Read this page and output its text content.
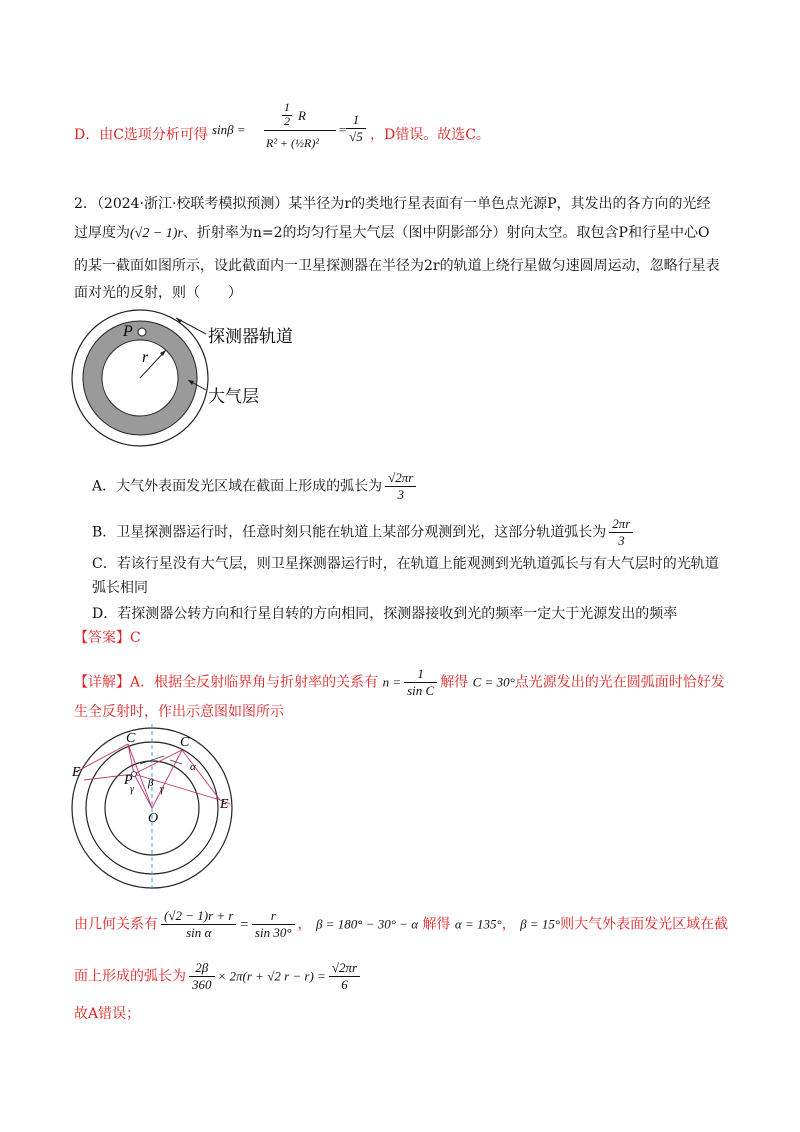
D．由C选项分析可得 sinβ =
1
2 R
R² + (½R)²
=
1
√5 ，D错误。故选C。
2．（2024·浙江·校联考模拟预测）某半径为r的类地行星表面有一单色点光源P，其发出的各方向的光经
过厚度为(√2 − 1)r、折射率为n=2的均匀行星大气层（图中阴影部分）射向太空。取包含P和行星中心O
的某一截面如图所示，设此截面内一卫星探测器在半径为2r的轨道上绕行星做匀速圆周运动，忽略行星表
面对光的反射，则（　　）
P
r
探测器轨道
大气层
A．大气外表面发光区域在截面上形成的弧长为 $\frac{√2\pi r}{3}$
B．卫星探测器运行时，任意时刻只能在轨道上某部分观测到光，这部分轨道弧长为 $\frac{2\pi r}{3}$
C．若该行星没有大气层，则卫星探测器运行时，在轨道上能观测到光轨道弧长与有大气层时的光轨道
弧长相同
D．若探测器公转方向和行星自转的方向相同，探测器接收到光的频率一定大于光源发出的频率
【答案】C
【详解】A．根据全反射临界角与折射率的关系有 $n = \frac{1}{\text{sin C}}$ 解得 C = 30°点光源发出的光在圆弧面时恰好发
生全反射时，作出示意图如图所示
C	C
E
E
P
O
α
β
γ	γ
由几何关系有 $\frac{(√2 - 1)r + r}{\text{sin α}} = \frac{r}{\sin 30^\circ}$ ， β = 180° − 30° − α 解得 α = 135°， β = 15°则大气外表面发光区域在截
面上形成的弧长为 $\frac{2\beta}{360} \times 2\pi(r + √2$ $r - r) = \frac{√2\pi r}{6}$
故A错误；
